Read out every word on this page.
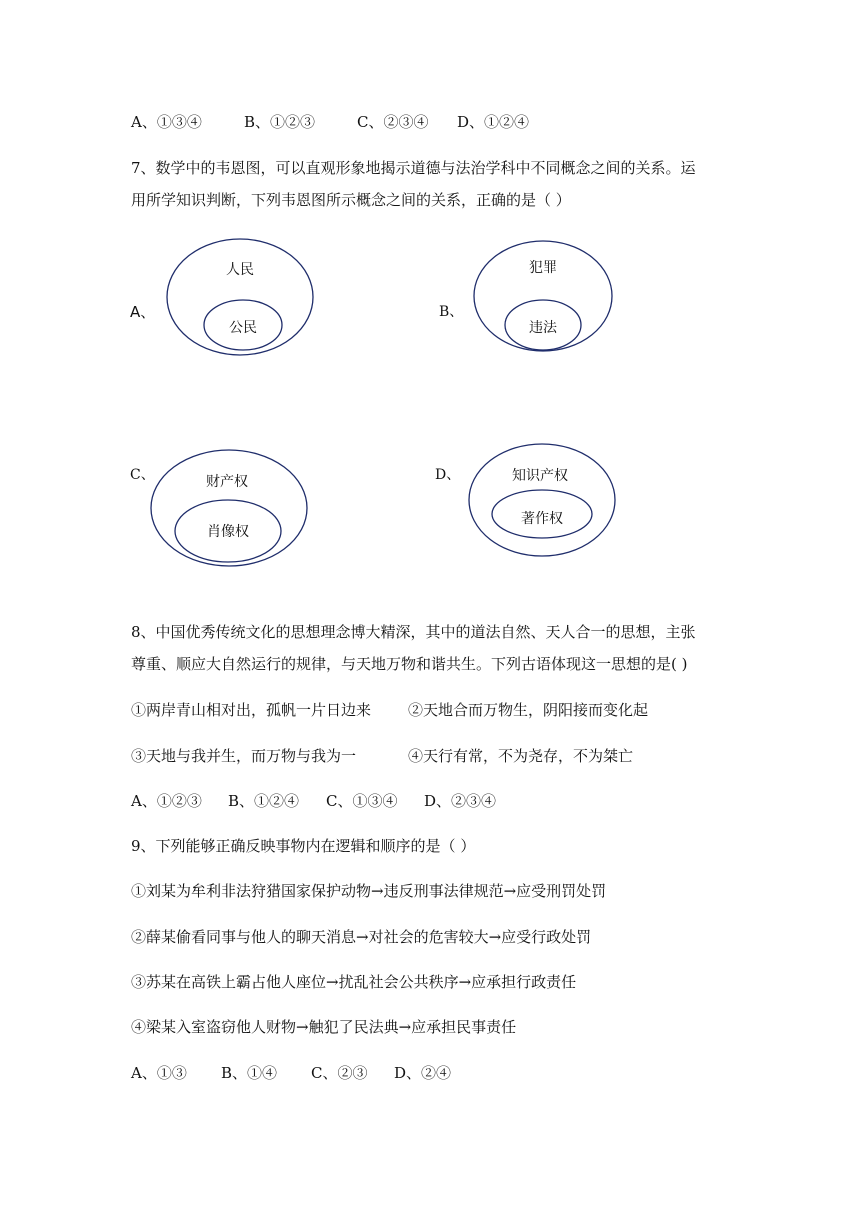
A、①③④	B、①②③	C、②③④ D、①②④
7、数学中的韦恩图，可以直观形象地揭示道德与法治学科中不同概念之间的关系。运
用所学知识判断，下列韦恩图所示概念之间的关系，正确的是（ ）
A、
人民
公民
B、
犯罪
违法
C、	财产权
肖像权
D、	知识产权
著作权
8、中国优秀传统文化的思想理念博大精深，其中的道法自然、天人合一的思想，主张
尊重、顺应大自然运行的规律，与天地万物和谐共生。下列古语体现这一思想的是( )
①两岸青山相对出，孤帆一片日边来 ②天地合而万物生，阴阳接而变化起
③天地与我并生，而万物与我为一	④天行有常，不为尧存，不为桀亡
A、①②③ B、①②④ C、①③④ D、②③④
9、下列能够正确反映事物内在逻辑和顺序的是（ ）
①刘某为牟利非法狩猎国家保护动物→违反刑事法律规范→应受刑罚处罚
②薛某偷看同事与他人的聊天消息→对社会的危害较大→应受行政处罚
③苏某在高铁上霸占他人座位→扰乱社会公共秩序→应承担行政责任
④梁某入室盗窃他人财物→触犯了民法典→应承担民事责任
A、①③ B、①④ C、②③ D、②④
